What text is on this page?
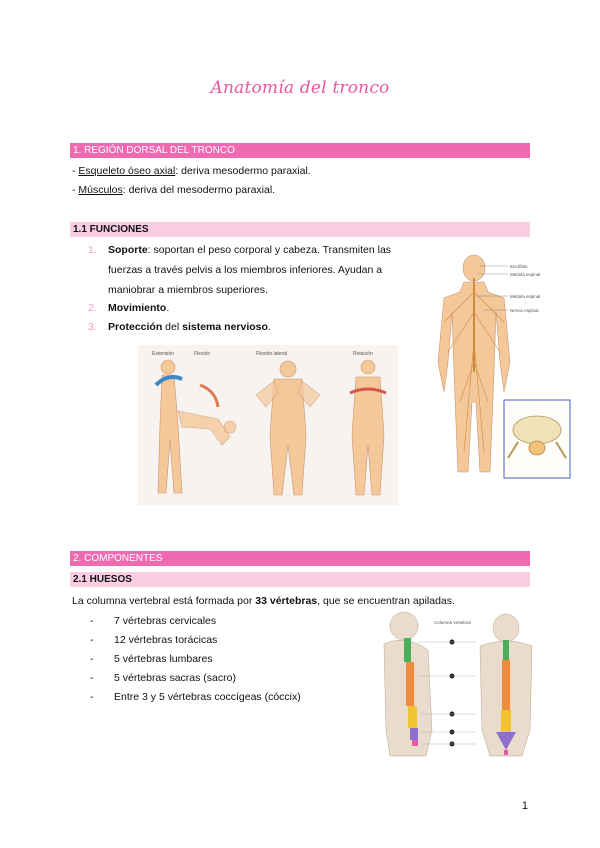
Anatomía del tronco
1. REGIÓN DORSAL DEL TRONCO
- Esqueleto óseo axial: deriva mesodermo paraxial.
- Músculos: deriva del mesodermo paraxial.
1.1 FUNCIONES
1. Soporte: soportan el peso corporal y cabeza. Transmiten las
fuerzas a través pelvis a los miembros inferiores. Ayudan a
maniobrar a miembros superiores.
2. Movimiento.
3. Protección del sistema nervioso.
Extensión	Flexión	Flexión lateral	Rotación
Encéfalo
Médula espinal
Médula espinal
Nervio espinal
2. COMPONENTES
2.1 HUESOS
La columna vertebral está formada por 33 vértebras, que se encuentran apiladas.
- 7 vértebras cervicales
- 12 vértebras torácicas
- 5 vértebras lumbares
- 5 vértebras sacras (sacro)
- Entre 3 y 5 vértebras coccígeas (cóccix)
Columna vertebral
1
